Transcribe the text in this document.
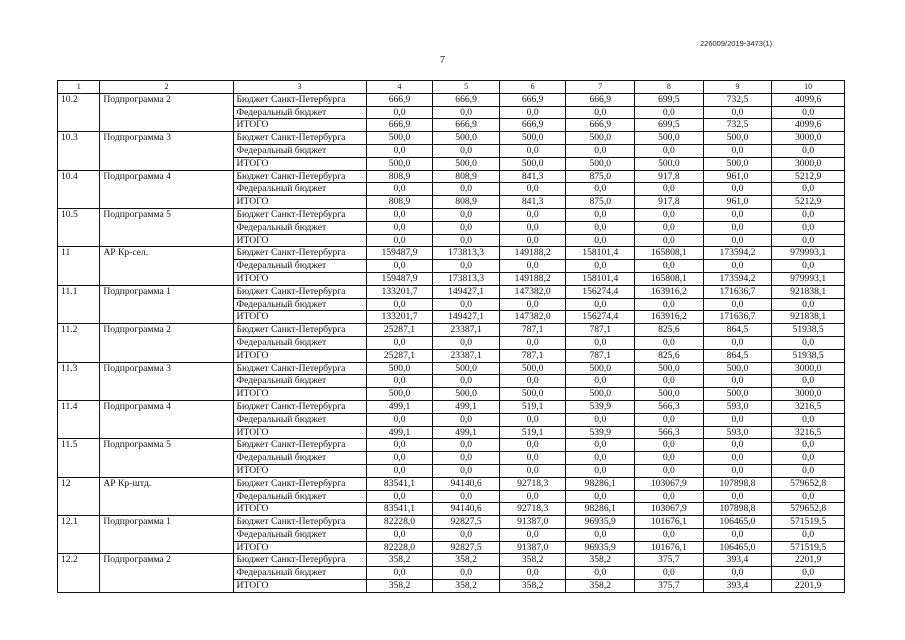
226009/2019-3473(1)
7
1	2	3	4	5	6	7	8	9	10
10.2	Подпрограмма 2	Бюджет Санкт-Петербурга	666,9	666,9	666,9	666,9	699,5	732,5	4099,6
		Федеральный бюджет	0,0	0,0	0,0	0,0	0,0	0,0	0,0
		ИТОГО	666,9	666,9	666,9	666,9	699,5	732,5	4099,6
10.3	Подпрограмма 3	Бюджет Санкт-Петербурга	500,0	500,0	500,0	500,0	500,0	500,0	3000,0
		Федеральный бюджет	0,0	0,0	0,0	0,0	0,0	0,0	0,0
		ИТОГО	500,0	500,0	500,0	500,0	500,0	500,0	3000,0
10.4	Подпрограмма 4	Бюджет Санкт-Петербурга	808,9	808,9	841,3	875,0	917,8	961,0	5212,9
		Федеральный бюджет	0,0	0,0	0,0	0,0	0,0	0,0	0,0
		ИТОГО	808,9	808,9	841,3	875,0	917,8	961,0	5212,9
10.5	Подпрограмма 5	Бюджет Санкт-Петербурга	0,0	0,0	0,0	0,0	0,0	0,0	0,0
		Федеральный бюджет	0,0	0,0	0,0	0,0	0,0	0,0	0,0
		ИТОГО	0,0	0,0	0,0	0,0	0,0	0,0	0,0
11	АР Кр-сел.	Бюджет Санкт-Петербурга	159487,9	173813,3	149188,2	158101,4	165808,1	173594,2	979993,1
		Федеральный бюджет	0,0	0,0	0,0	0,0	0,0	0,0	0,0
		ИТОГО	159487,9	173813,3	149188,2	158101,4	165808,1	173594,2	979993,1
11.1	Подпрограмма 1	Бюджет Санкт-Петербурга	133201,7	149427,1	147382,0	156274,4	163916,2	171636,7	921838,1
		Федеральный бюджет	0,0	0,0	0,0	0,0	0,0	0,0	0,0
		ИТОГО	133201,7	149427,1	147382,0	156274,4	163916,2	171636,7	921838,1
11.2	Подпрограмма 2	Бюджет Санкт-Петербурга	25287,1	23387,1	787,1	787,1	825,6	864,5	51938,5
		Федеральный бюджет	0,0	0,0	0,0	0,0	0,0	0,0	0,0
		ИТОГО	25287,1	23387,1	787,1	787,1	825,6	864,5	51938,5
11.3	Подпрограмма 3	Бюджет Санкт-Петербурга	500,0	500,0	500,0	500,0	500,0	500,0	3000,0
		Федеральный бюджет	0,0	0,0	0,0	0,0	0,0	0,0	0,0
		ИТОГО	500,0	500,0	500,0	500,0	500,0	500,0	3000,0
11.4	Подпрограмма 4	Бюджет Санкт-Петербурга	499,1	499,1	519,1	539,9	566,3	593,0	3216,5
		Федеральный бюджет	0,0	0,0	0,0	0,0	0,0	0,0	0,0
		ИТОГО	499,1	499,1	519,1	539,9	566,3	593,0	3216,5
11.5	Подпрограмма 5	Бюджет Санкт-Петербурга	0,0	0,0	0,0	0,0	0,0	0,0	0,0
		Федеральный бюджет	0,0	0,0	0,0	0,0	0,0	0,0	0,0
		ИТОГО	0,0	0,0	0,0	0,0	0,0	0,0	0,0
12	АР Кр-штд.	Бюджет Санкт-Петербурга	83541,1	94140,6	92718,3	98286,1	103067,9	107898,8	579652,8
		Федеральный бюджет	0,0	0,0	0,0	0,0	0,0	0,0	0,0
		ИТОГО	83541,1	94140,6	92718,3	98286,1	103067,9	107898,8	579652,8
12.1	Подпрограмма 1	Бюджет Санкт-Петербурга	82228,0	92827,5	91387,0	96935,9	101676,1	106465,0	571519,5
		Федеральный бюджет	0,0	0,0	0,0	0,0	0,0	0,0	0,0
		ИТОГО	82228,0	92827,5	91387,0	96935,9	101676,1	106465,0	571519,5
12.2	Подпрограмма 2	Бюджет Санкт-Петербурга	358,2	358,2	358,2	358,2	375,7	393,4	2201,9
		Федеральный бюджет	0,0	0,0	0,0	0,0	0,0	0,0	0,0
		ИТОГО	358,2	358,2	358,2	358,2	375,7	393,4	2201,9
